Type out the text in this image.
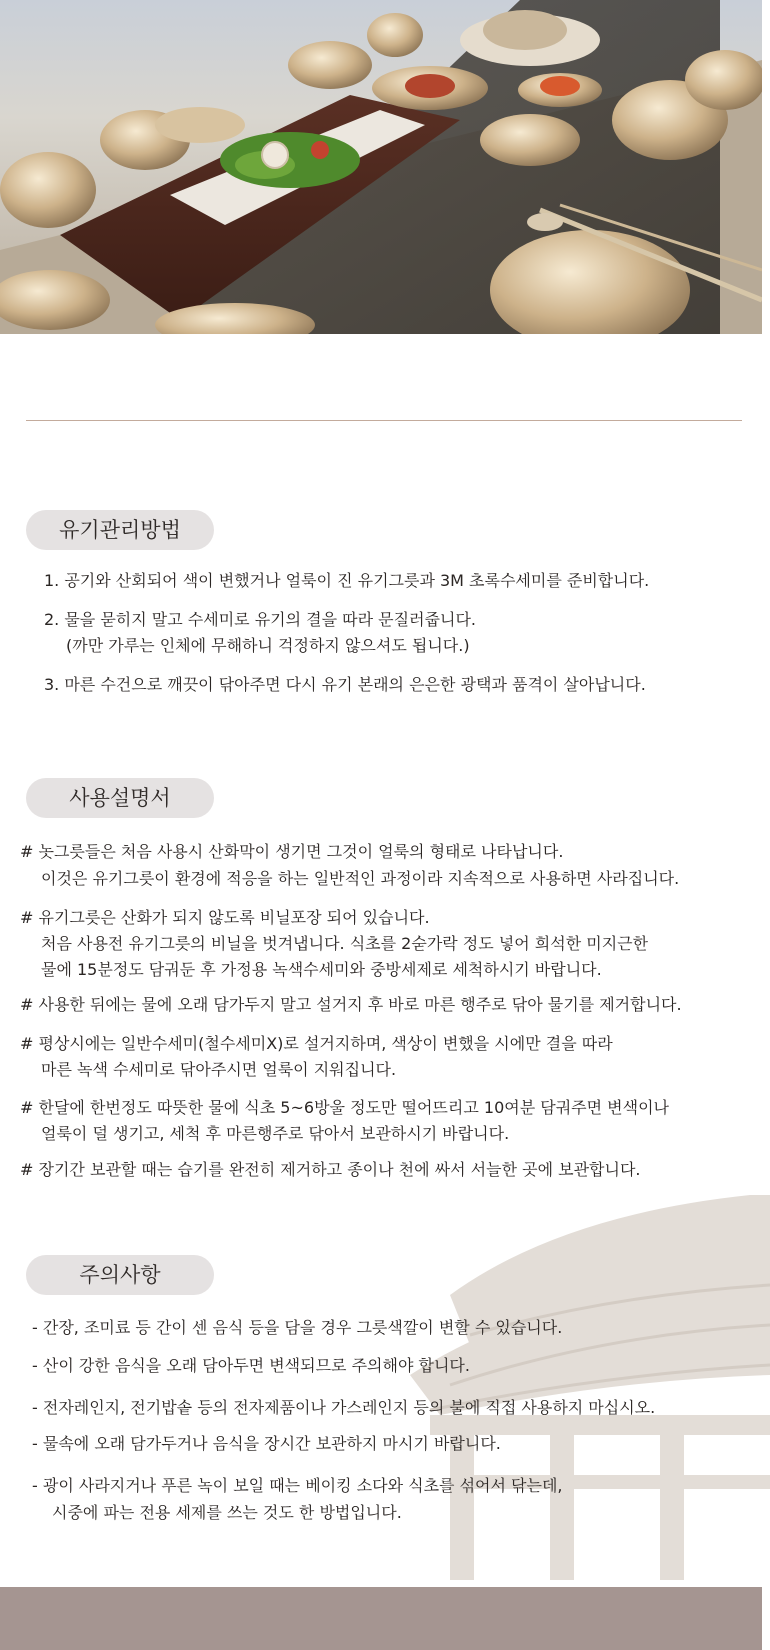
유기관리방법
1. 공기와 산회되어 색이 변했거나 얼룩이 진 유기그릇과 3M 초록수세미를 준비합니다.
2. 물을 묻히지 말고 수세미로 유기의 결을 따라 문질러줍니다.
(까만 가루는 인체에 무해하니 걱정하지 않으셔도 됩니다.)
3. 마른 수건으로 깨끗이 닦아주면 다시 유기 본래의 은은한 광택과 품격이 살아납니다.
사용설명서
# 놋그릇들은 처음 사용시 산화막이 생기면 그것이 얼룩의 형태로 나타납니다.
이것은 유기그릇이 환경에 적응을 하는 일반적인 과정이라 지속적으로 사용하면 사라집니다.
# 유기그릇은 산화가 되지 않도록 비닐포장 되어 있습니다.
처음 사용전 유기그릇의 비닐을 벗겨냅니다. 식초를 2숟가락 정도 넣어 희석한 미지근한
물에 15분정도 담궈둔 후 가정용 녹색수세미와 중방세제로 세척하시기 바랍니다.
# 사용한 뒤에는 물에 오래 담가두지 말고 설거지 후 바로 마른 행주로 닦아 물기를 제거합니다.
# 평상시에는 일반수세미(철수세미X)로 설거지하며, 색상이 변했을 시에만 결을 따라
마른 녹색 수세미로 닦아주시면 얼룩이 지워집니다.
# 한달에 한번정도 따뜻한 물에 식초 5~6방울 정도만 떨어뜨리고 10여분 담궈주면 변색이나
얼룩이 덜 생기고, 세척 후 마른행주로 닦아서 보관하시기 바랍니다.
# 장기간 보관할 때는 습기를 완전히 제거하고 종이나 천에 싸서 서늘한 곳에 보관합니다.
주의사항
- 간장, 조미료 등 간이 센 음식 등을 담을 경우 그릇색깔이 변할 수 있습니다.
- 산이 강한 음식을 오래 담아두면 변색되므로 주의해야 합니다.
- 전자레인지, 전기밥솥 등의 전자제품이나 가스레인지 등의 불에 직접 사용하지 마십시오.
- 물속에 오래 담가두거나 음식을 장시간 보관하지 마시기 바랍니다.
- 광이 사라지거나 푸른 녹이 보일 때는 베이킹 소다와 식초를 섞어서 닦는데,
시중에 파는 전용 세제를 쓰는 것도 한 방법입니다.
